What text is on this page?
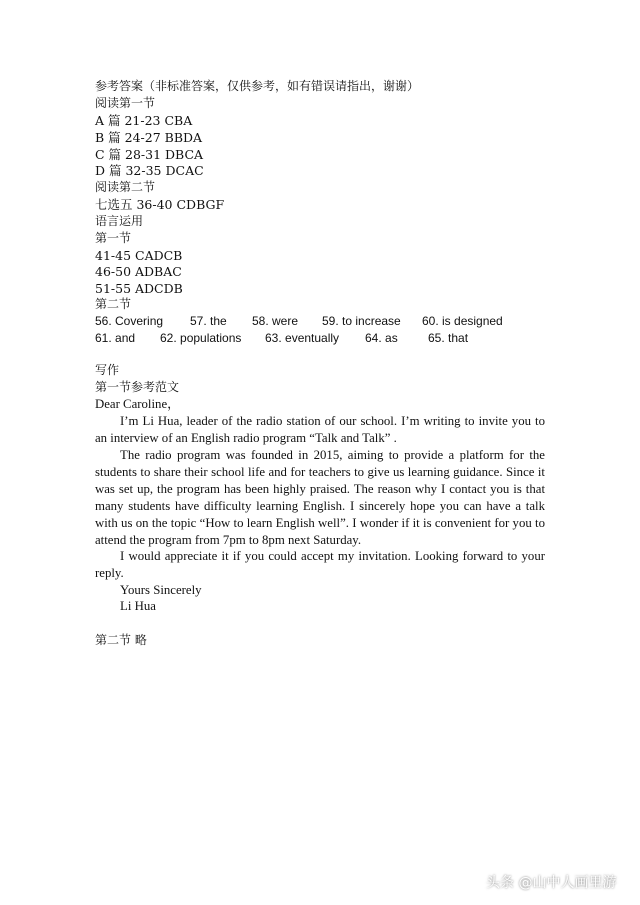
参考答案（非标准答案，仅供参考，如有错误请指出，谢谢）
阅读第一节
A 篇 21-23 CBA
B 篇 24-27 BBDA
C 篇 28-31 DBCA
D 篇 32-35 DCAC
阅读第二节
七选五 36-40 CDBGF
语言运用
第一节
41-45 CADCB
46-50 ADBAC
51-55 ADCDB
第二节
56. Covering 57. the 58. were 59. to increase 60. is designed
61. and 62. populations 63. eventually 64. as	65. that
写作
第一节参考范文
Dear Caroline，
I’m Li Hua, leader of the radio station of our school. I’m writing to invite you to an interview of an English radio program “Talk and Talk” .
The radio program was founded in 2015, aiming to provide a platform for the students to share their school life and for teachers to give us learning guidance. Since it was set up, the program has been highly praised. The reason why I contact you is that many students have difficulty learning English. I sincerely hope you can have a talk with us on the topic “How to learn English well”. I wonder if it is convenient for you to attend the program from 7pm to 8pm next Saturday.
I would appreciate it if you could accept my invitation. Looking forward to your reply.
Yours Sincerely
Li Hua
第二节 略
头条 @山中人画里游
